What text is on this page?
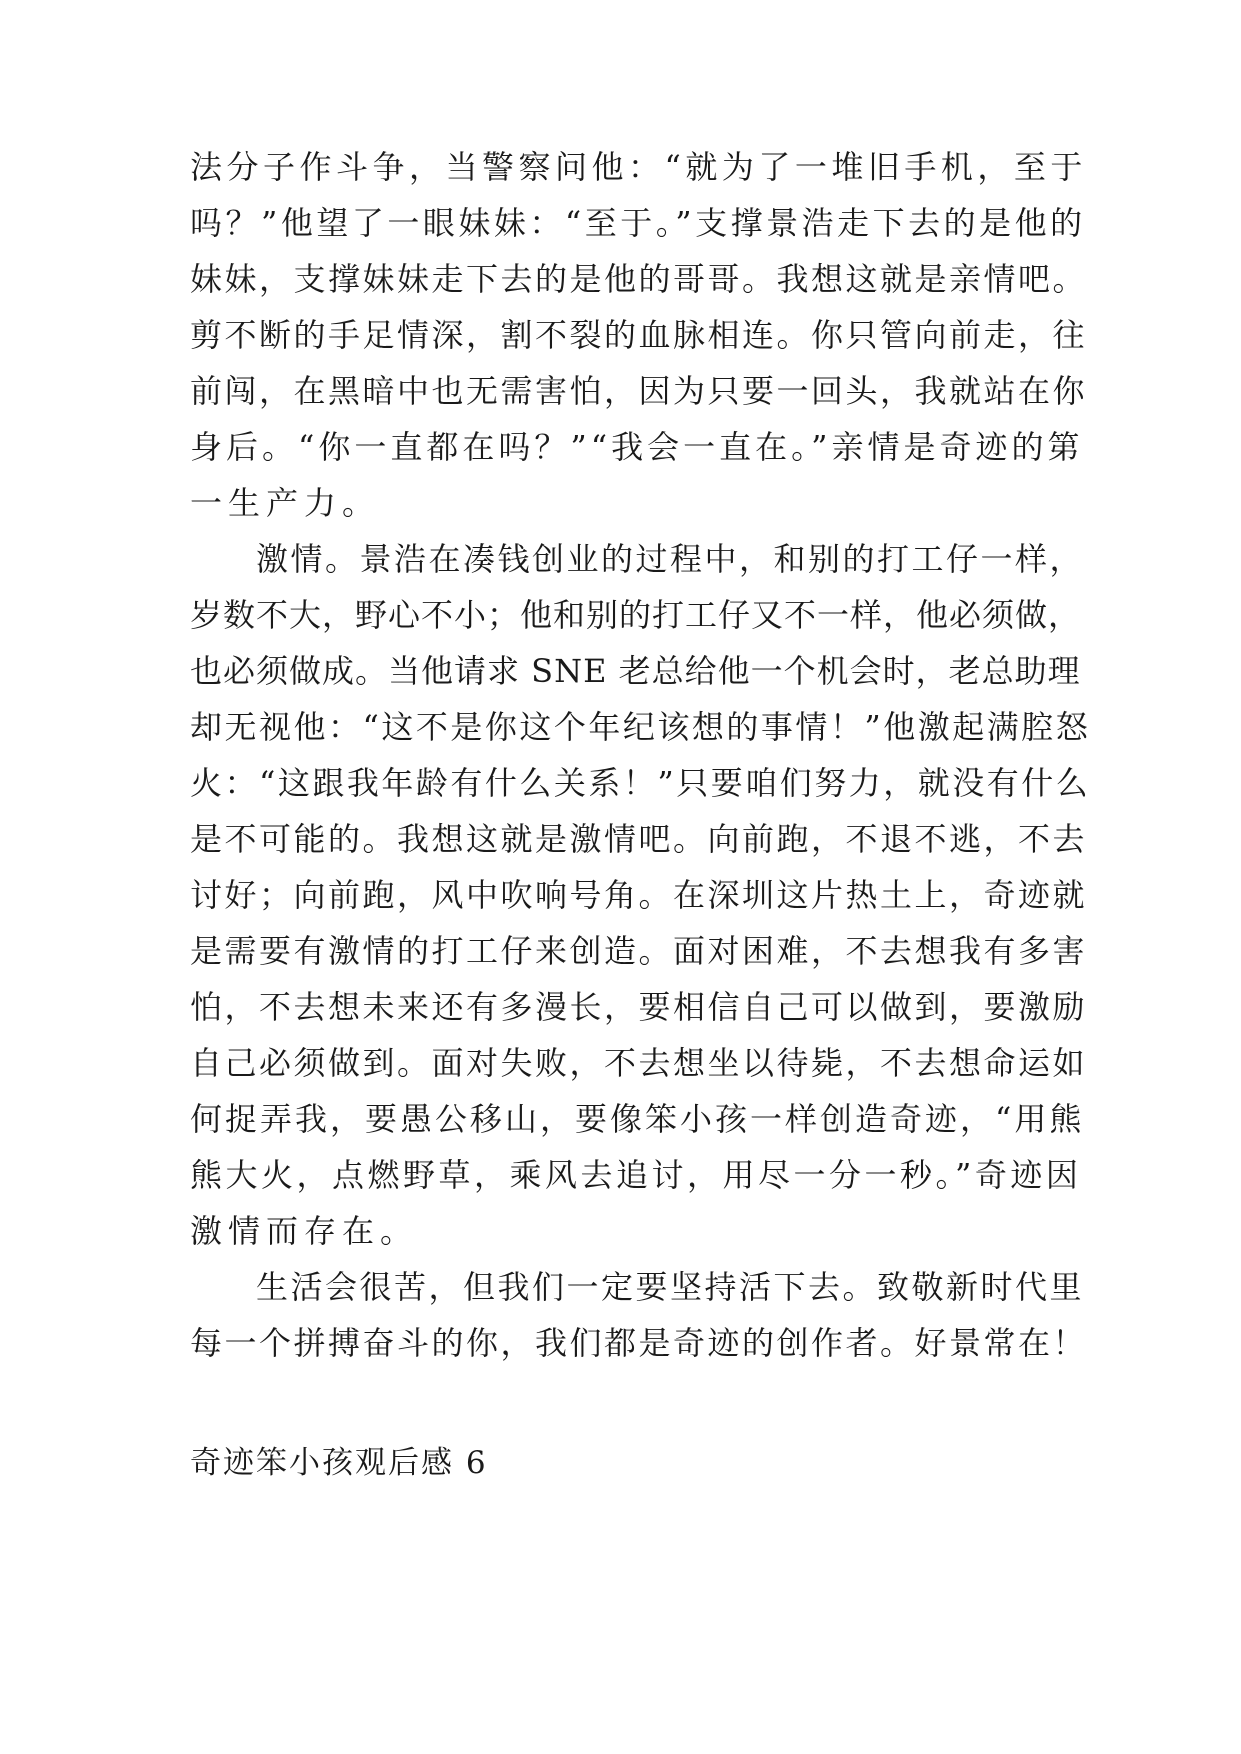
法分子作斗争，当警察问他：“就为了一堆旧手机，至于

吗？”他望了一眼妹妹：“至于。”支撑景浩走下去的是他的

妹妹，支撑妹妹走下去的是他的哥哥。我想这就是亲情吧。

剪不断的手足情深，割不裂的血脉相连。你只管向前走，往

前闯，在黑暗中也无需害怕，因为只要一回头，我就站在你

身后。“你一直都在吗？”“我会一直在。”亲情是奇迹的第

一生产力。

激情。景浩在凑钱创业的过程中，和别的打工仔一样，

岁数不大，野心不小；他和别的打工仔又不一样，他必须做，

也必须做成。当他请求 SNE 老总给他一个机会时，老总助理

却无视他：“这不是你这个年纪该想的事情！”他激起满腔怒

火：“这跟我年龄有什么关系！”只要咱们努力，就没有什么

是不可能的。我想这就是激情吧。向前跑，不退不逃，不去

讨好；向前跑，风中吹响号角。在深圳这片热土上，奇迹就

是需要有激情的打工仔来创造。面对困难，不去想我有多害

怕，不去想未来还有多漫长，要相信自己可以做到，要激励

自己必须做到。面对失败，不去想坐以待毙，不去想命运如

何捉弄我，要愚公移山，要像笨小孩一样创造奇迹，“用熊

熊大火，点燃野草，乘风去追讨，用尽一分一秒。”奇迹因

激情而存在。

生活会很苦，但我们一定要坚持活下去。致敬新时代里

每一个拼搏奋斗的你，我们都是奇迹的创作者。好景常在！

奇迹笨小孩观后感 6
